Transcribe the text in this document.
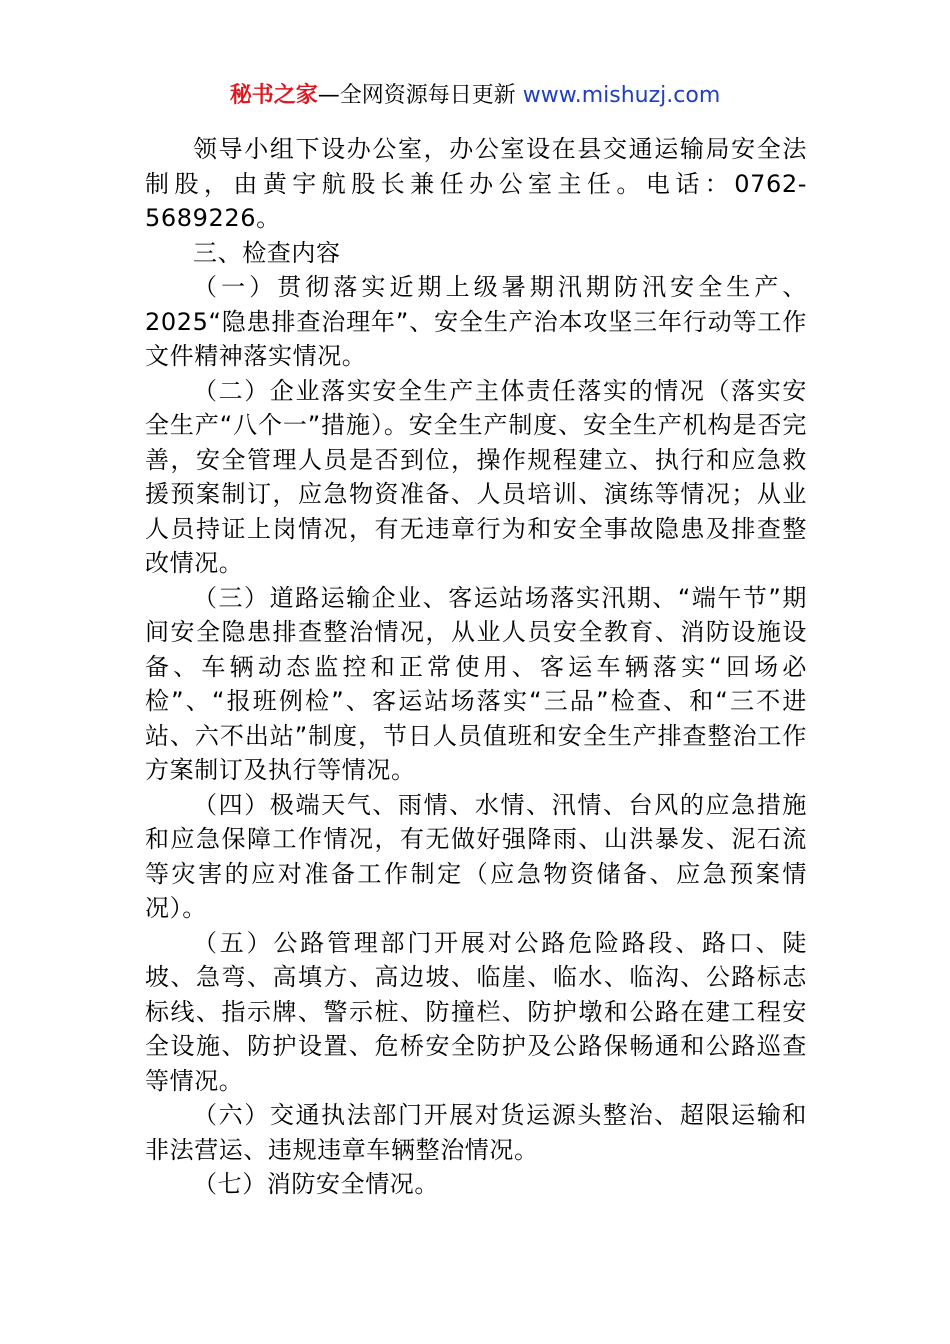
秘书之家—全网资源每日更新 www.mishuzj.com

领导小组下设办公室，办公室设在县交通运输局安全法制股，由黄宇航股长兼任办公室主任。电话：0762-5689226。

三、检查内容

（一）贯彻落实近期上级暑期汛期防汛安全生产、2025“隐患排查治理年”、安全生产治本攻坚三年行动等工作文件精神落实情况。

（二）企业落实安全生产主体责任落实的情况（落实安全生产“八个一”措施）。安全生产制度、安全生产机构是否完善，安全管理人员是否到位，操作规程建立、执行和应急救援预案制订，应急物资准备、人员培训、演练等情况；从业人员持证上岗情况，有无违章行为和安全事故隐患及排查整改情况。

（三）道路运输企业、客运站场落实汛期、“端午节”期间安全隐患排查整治情况，从业人员安全教育、消防设施设备、车辆动态监控和正常使用、客运车辆落实“回场必检”、“报班例检”、客运站场落实“三品”检查、和“三不进站、六不出站”制度，节日人员值班和安全生产排查整治工作方案制订及执行等情况。

（四）极端天气、雨情、水情、汛情、台风的应急措施和应急保障工作情况，有无做好强降雨、山洪暴发、泥石流等灾害的应对准备工作制定（应急物资储备、应急预案情况）。

（五）公路管理部门开展对公路危险路段、路口、陡坡、急弯、高填方、高边坡、临崖、临水、临沟、公路标志标线、指示牌、警示桩、防撞栏、防护墩和公路在建工程安全设施、防护设置、危桥安全防护及公路保畅通和公路巡查等情况。

（六）交通执法部门开展对货运源头整治、超限运输和非法营运、违规违章车辆整治情况。

（七）消防安全情况。
